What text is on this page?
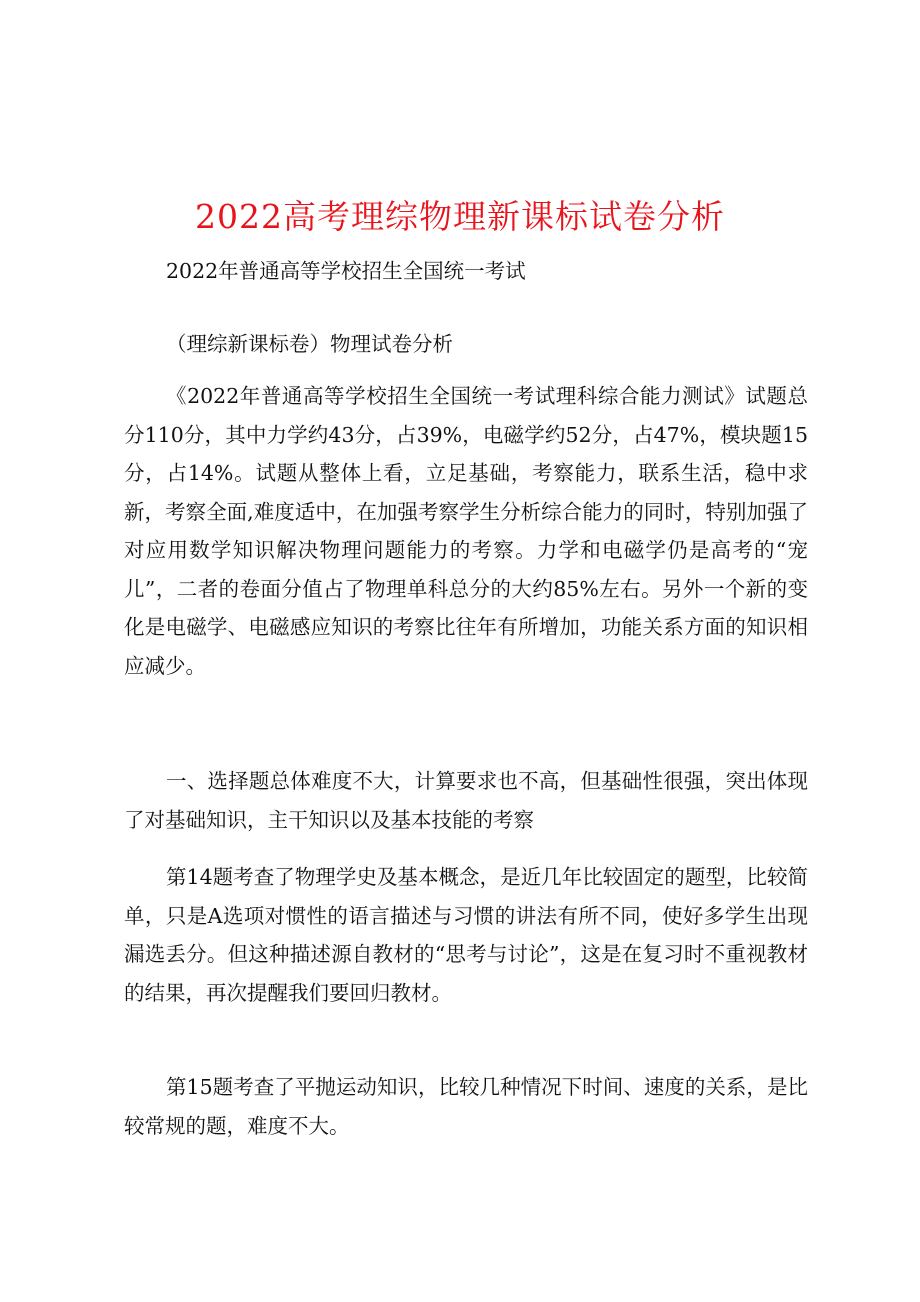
2022高考理综物理新课标试卷分析

2022年普通高等学校招生全国统一考试

（理综新课标卷）物理试卷分析

《2022年普通高等学校招生全国统一考试理科综合能力测试》试题总分110分，其中力学约43分，占39%，电磁学约52分，占47%，模块题15分，占14%。试题从整体上看，立足基础，考察能力，联系生活，稳中求新，考察全面,难度适中，在加强考察学生分析综合能力的同时，特别加强了对应用数学知识解决物理问题能力的考察。力学和电磁学仍是高考的“宠儿”，二者的卷面分值占了物理单科总分的大约85%左右。另外一个新的变化是电磁学、电磁感应知识的考察比往年有所增加，功能关系方面的知识相应减少。

一、选择题总体难度不大，计算要求也不高，但基础性很强，突出体现了对基础知识，主干知识以及基本技能的考察

第14题考查了物理学史及基本概念，是近几年比较固定的题型，比较简单，只是A选项对惯性的语言描述与习惯的讲法有所不同，使好多学生出现漏选丢分。但这种描述源自教材的“思考与讨论”，这是在复习时不重视教材的结果，再次提醒我们要回归教材。

第15题考查了平抛运动知识，比较几种情况下时间、速度的关系，是比较常规的题，难度不大。
